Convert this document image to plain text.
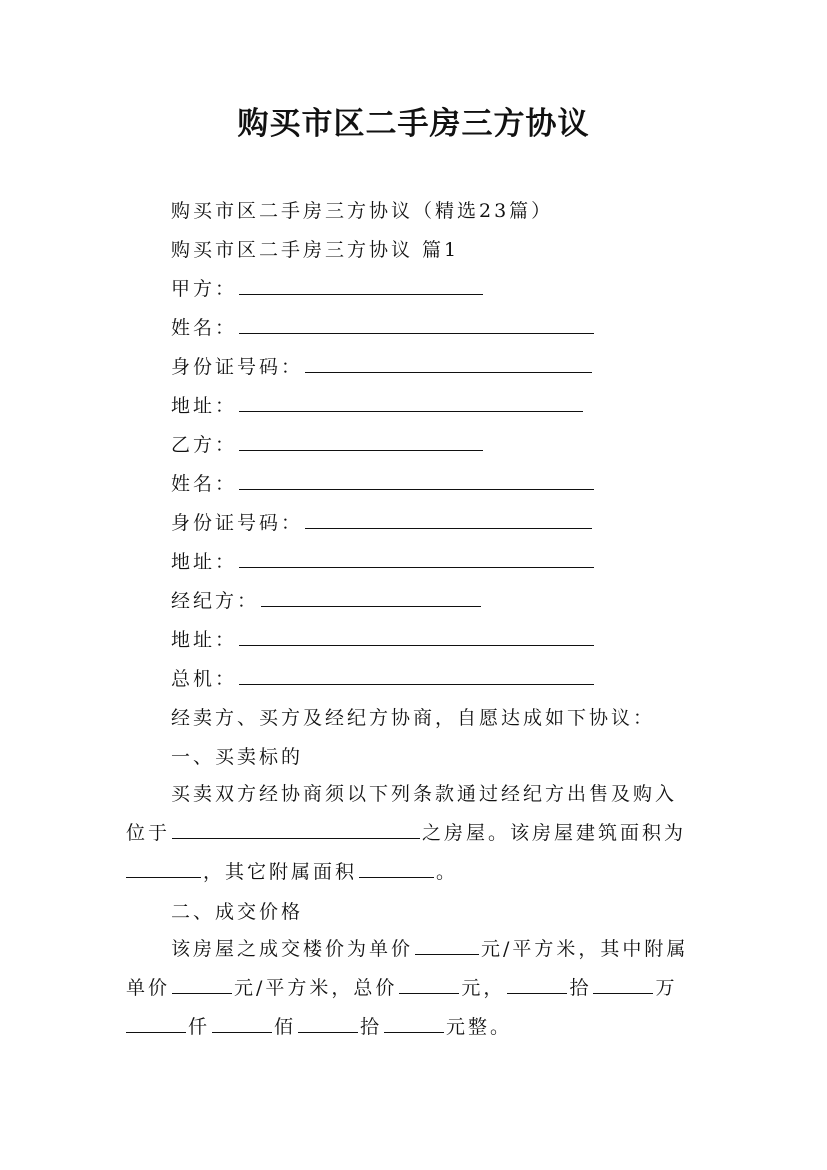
购买市区二手房三方协议
购买市区二手房三方协议（精选23篇）
购买市区二手房三方协议 篇1
甲方：
姓名：
身份证号码：
地址：
乙方：
姓名：
身份证号码：
地址：
经纪方：
地址：
总机：
经卖方、买方及经纪方协商，自愿达成如下协议：
一、买卖标的
买卖双方经协商须以下列条款通过经纪方出售及购入
位于	之房屋。该房屋建筑面积为
，其它附属面积	。
二、成交价格
该房屋之成交楼价为单价	元/平方米，其中附属
单价	元/平方米，总价	元，	拾	万
仟	佰	拾	元整。
